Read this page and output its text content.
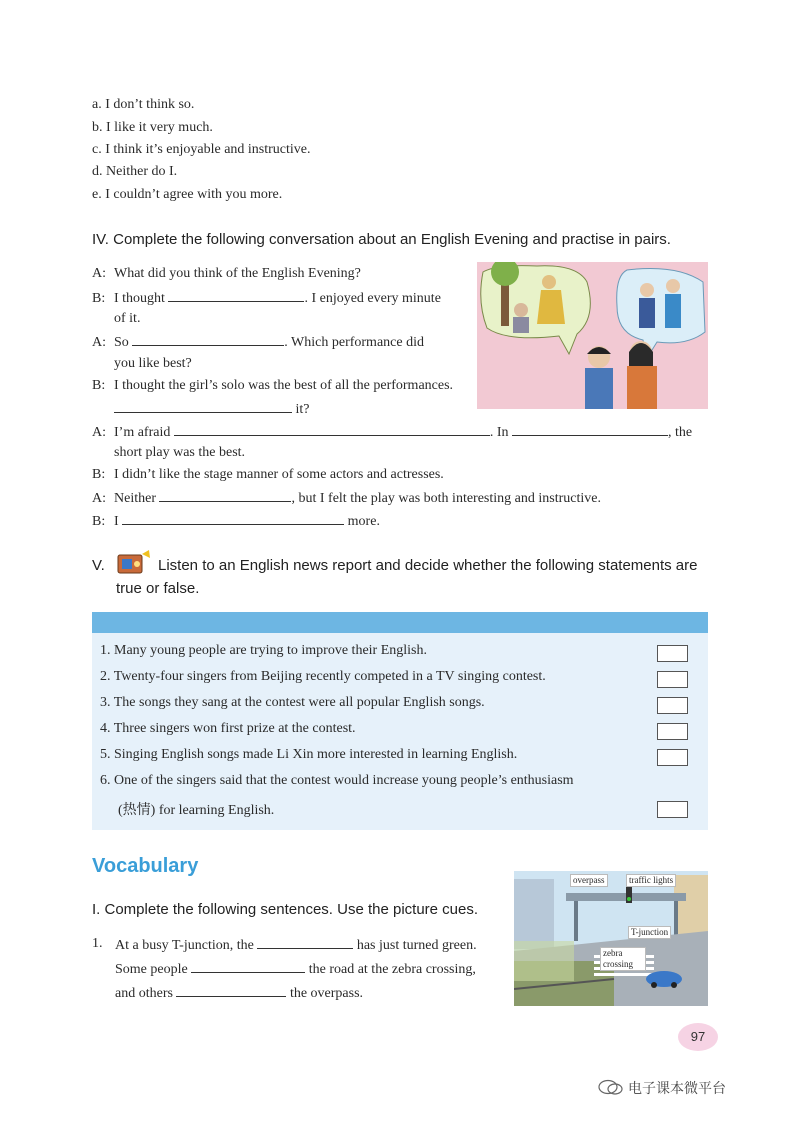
a. I don’t think so.
b. I like it very much.
c. I think it’s enjoyable and instructive.
d. Neither do I.
e. I couldn’t agree with you more.
IV. Complete the following conversation about an English Evening and practise in pairs.
A: What did you think of the English Evening?
B: I thought	. I enjoyed every minute
of it.
A: So	. Which performance did
you like best?
B: I thought the girl’s solo was the best of all the performances.
it?
A: I’m afraid	. In	, the
short play was the best.
B: I didn’t like the stage manner of some actors and actresses.
A: Neither	, but I felt the play was both interesting and instructive.
B: I	more.
V.	Listen to an English news report and decide whether the following statements are
true or false.
1. Many young people are trying to improve their English.
2. Twenty-four singers from Beijing recently competed in a TV singing contest.
3. The songs they sang at the contest were all popular English songs.
4. Three singers won first prize at the contest.
5. Singing English songs made Li Xin more interested in learning English.
6. One of the singers said that the contest would increase young people’s enthusiasm
(热情) for learning English.
Vocabulary
I. Complete the following sentences. Use the picture cues.
1. At a busy T-junction, the	has just turned green.
Some people	the road at the zebra crossing,
and others	the overpass.
overpass	traffic lights
T-junction
zebra crossing
97
电子课本微平台
